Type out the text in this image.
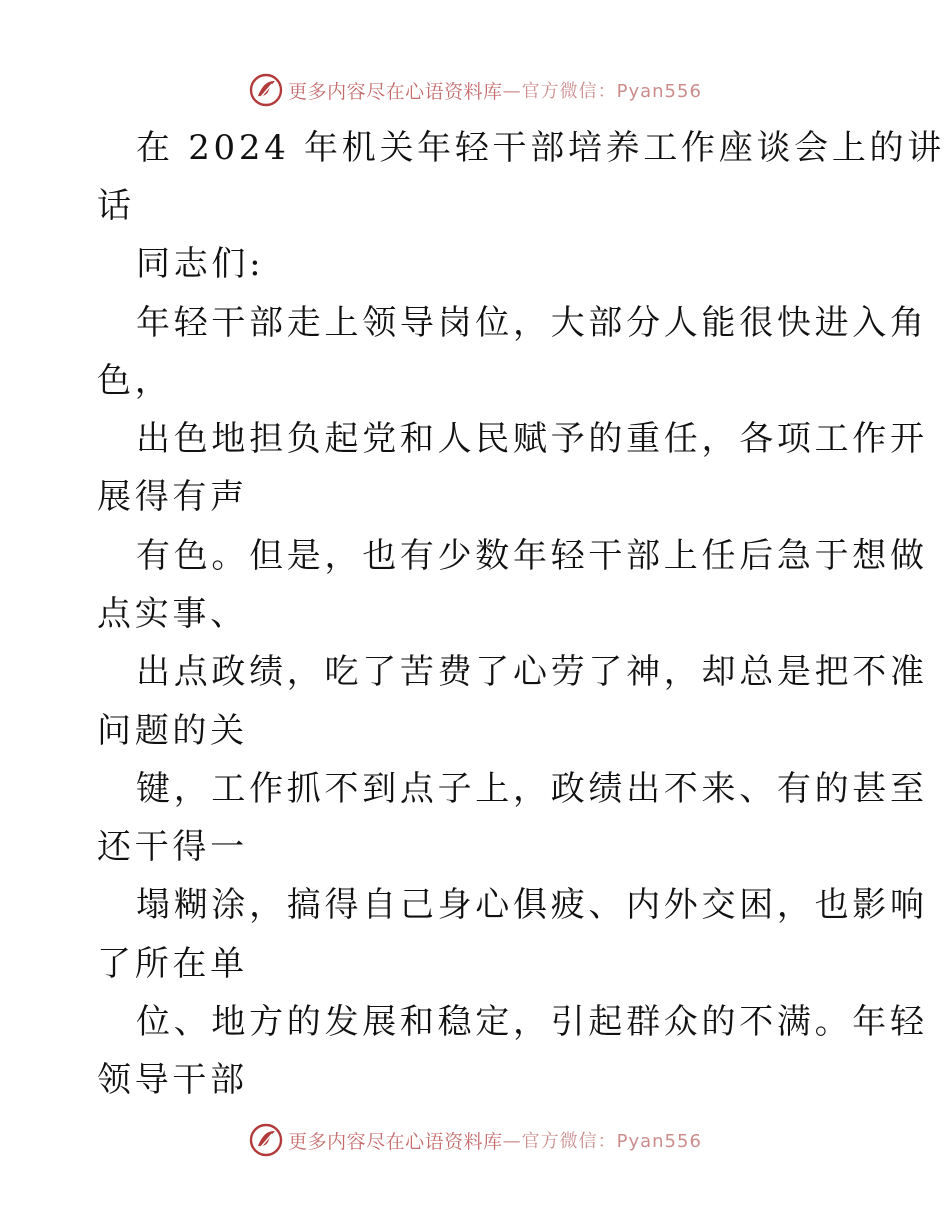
更多内容尽在心语资料库 —官方微信：Pyan556
在 2024 年机关年轻干部培养工作座谈会上的讲
话
同志们:
年轻干部走上领导岗位，大部分人能很快进入角
色，
出色地担负起党和人民赋予的重任，各项工作开
展得有声
有色。但是，也有少数年轻干部上任后急于想做
点实事、
出点政绩，吃了苦费了心劳了神，却总是把不准
问题的关
键，工作抓不到点子上，政绩出不来、有的甚至
还干得一
塌糊涂，搞得自己身心俱疲、内外交困，也影响
了所在单
位、地方的发展和稳定，引起群众的不满。年轻
领导干部
更多内容尽在心语资料库 —官方微信：Pyan556
